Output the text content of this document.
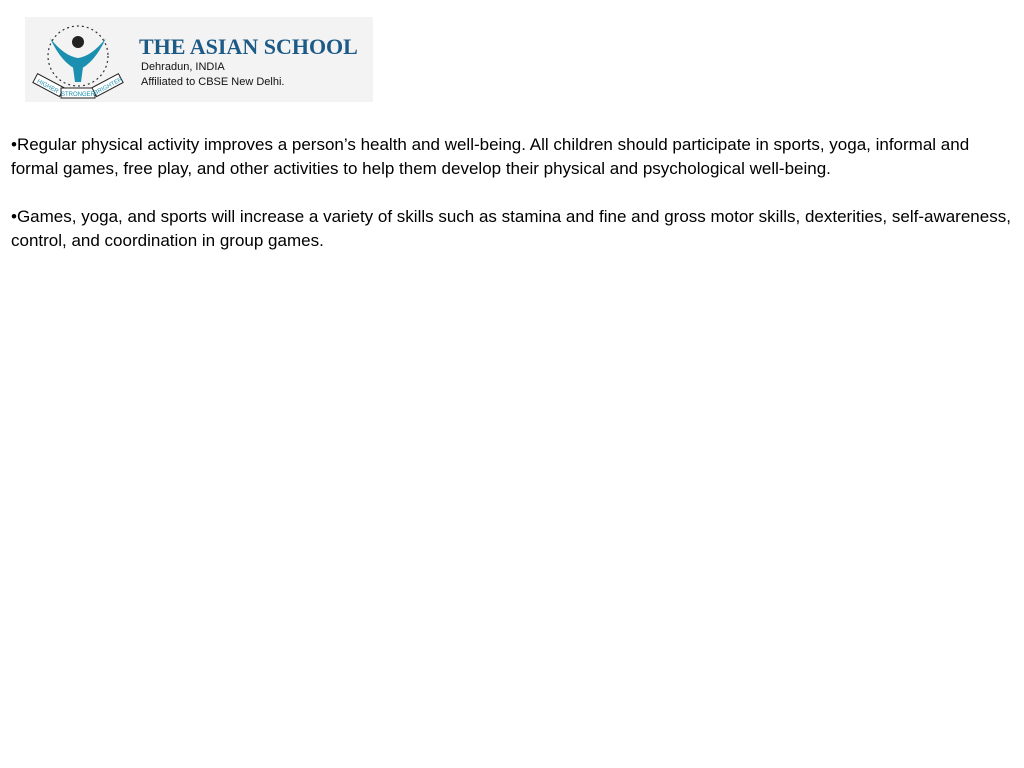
HIGHER STRONGER
BRIGHTER
THE ASIAN SCHOOL
Dehradun, INDIA
Affiliated to CBSE New Delhi.

•Regular physical activity improves a person’s health and well-being. All children should participate in sports, yoga, informal and formal games, free play, and other activities to help them develop their physical and psychological well-being.

•Games, yoga, and sports will increase a variety of skills such as stamina and fine and gross motor skills, dexterities, self-awareness, control, and coordination in group games.
